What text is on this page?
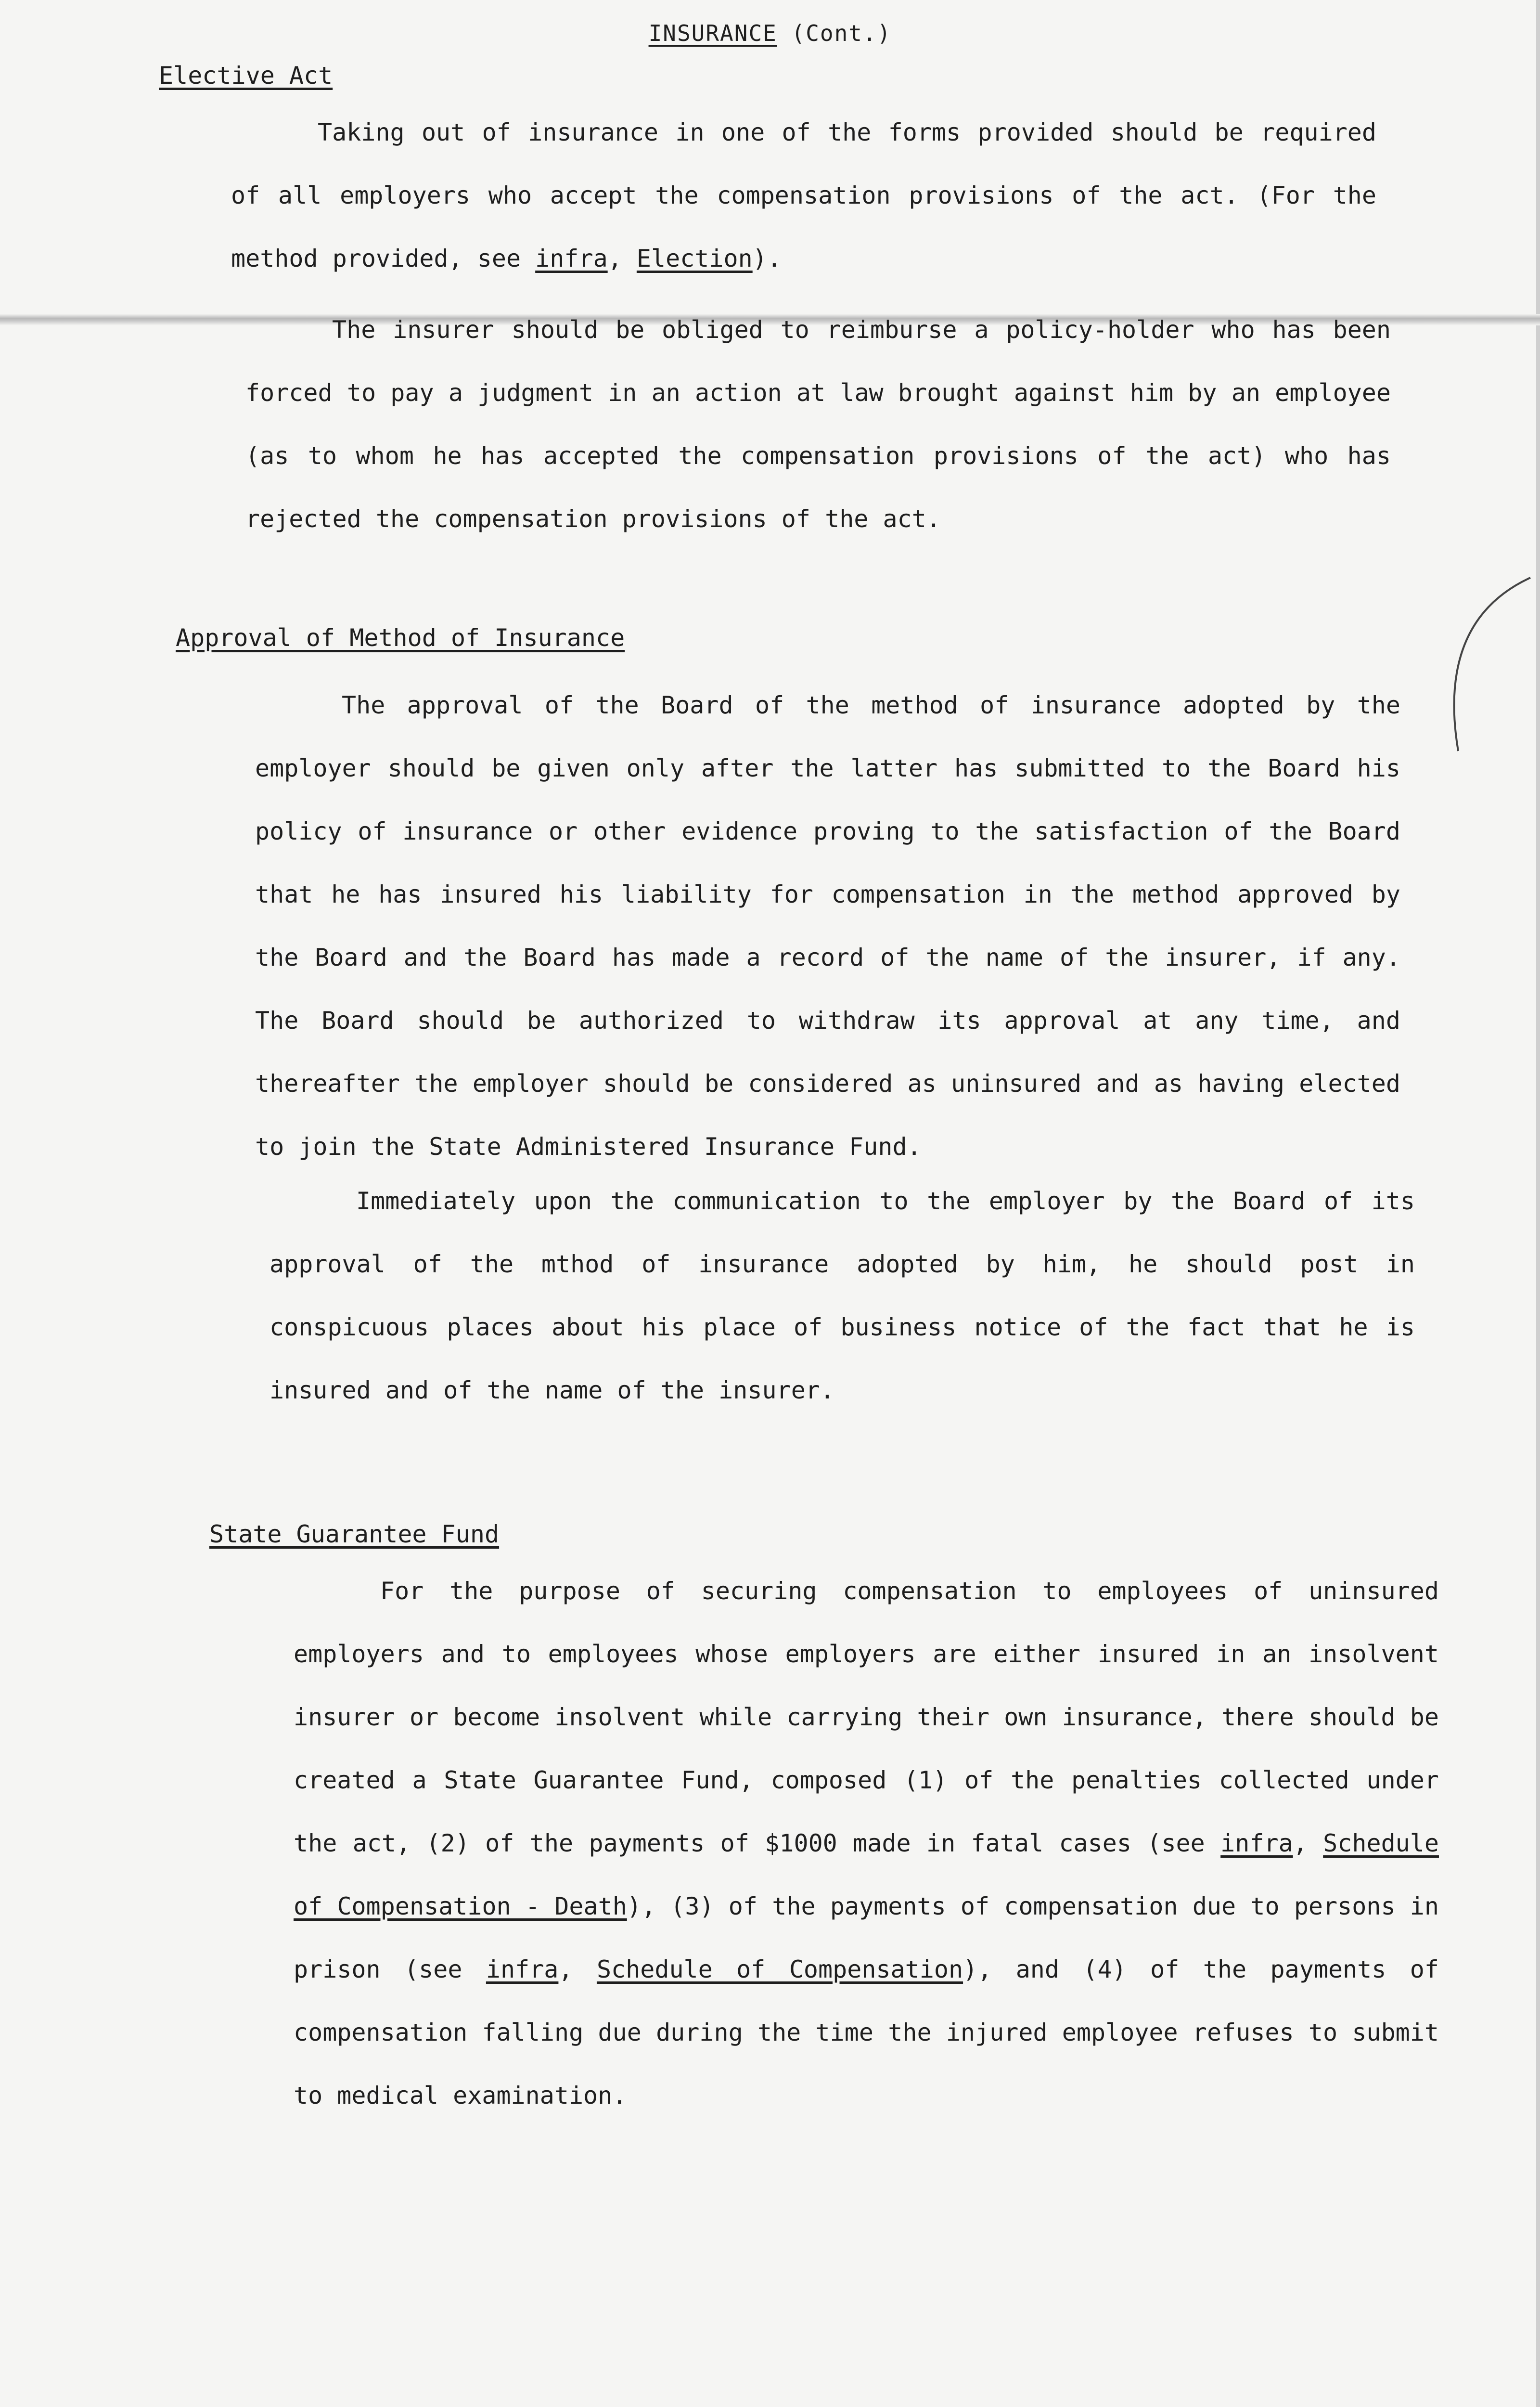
INSURANCE (Cont.)
Elective Act

Taking out of insurance in one of the forms provided should be required of all employers who accept the compensation provisions of the act. (For the method provided, see infra, Election).

The insurer should be obliged to reimburse a policy-holder who has been forced to pay a judgment in an action at law brought against him by an employee (as to whom he has accepted the compensation provisions of the act) who has rejected the compensation provisions of the act.

Approval of Method of Insurance

The approval of the Board of the method of insurance adopted by the employer should be given only after the latter has submitted to the Board his policy of insurance or other evidence proving to the satisfaction of the Board that he has insured his liability for compensation in the method approved by the Board and the Board has made a record of the name of the insurer, if any. The Board should be authorized to withdraw its approval at any time, and thereafter the employer should be considered as uninsured and as having elected to join the State Administered Insurance Fund.

Immediately upon the communication to the employer by the Board of its approval of the mthod of insurance adopted by him, he should post in conspicuous places about his place of business notice of the fact that he is insured and of the name of the insurer.

State Guarantee Fund

For the purpose of securing compensation to employees of uninsured employers and to employees whose employers are either insured in an insolvent insurer or become insolvent while carrying their own insurance, there should be created a State Guarantee Fund, composed (1) of the penalties collected under the act, (2) of the payments of $1000 made in fatal cases (see infra, Schedule of Compensation - Death), (3) of the payments of compensation due to persons in prison (see infra, Schedule of Compensation), and (4) of the payments of compensation falling due during the time the injured employee refuses to submit to medical examination.
